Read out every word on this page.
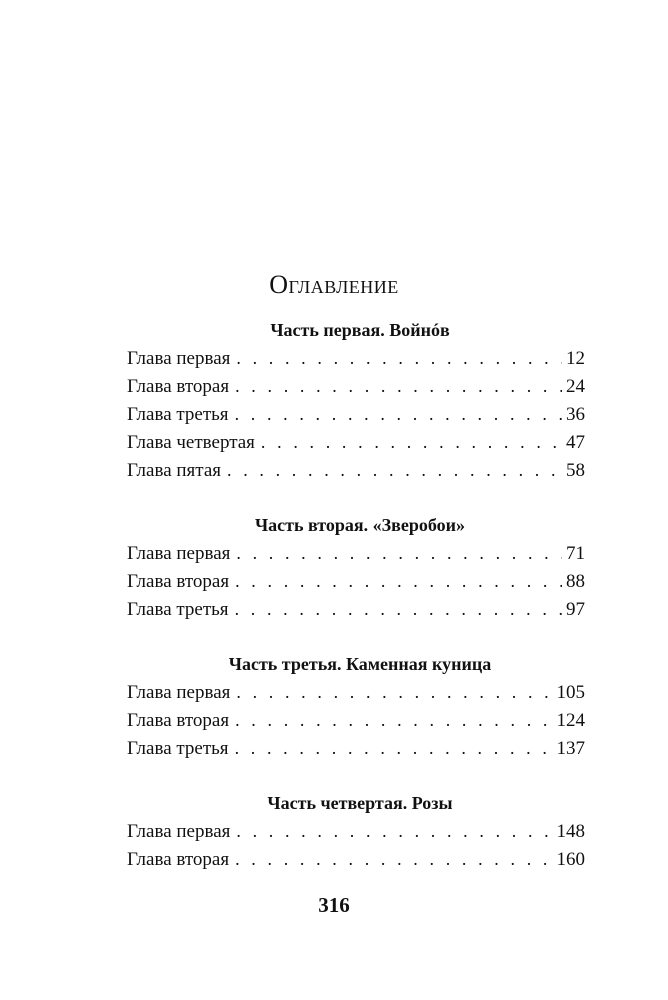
Оглавление
Часть первая. Войнóв
Глава первая . . .	12
Глава вторая . . .	24
Глава третья . . .	36
Глава четвертая . . .	47
Глава пятая . . .	58
Часть вторая. «Зверобои»
Глава первая . . .	71
Глава вторая . . .	88
Глава третья . . .	97
Часть третья. Каменная куница
Глава первая . . .	105
Глава вторая . . .	124
Глава третья . . .	137
Часть четвертая. Розы
Глава первая . . .	148
Глава вторая . . .	160
316
